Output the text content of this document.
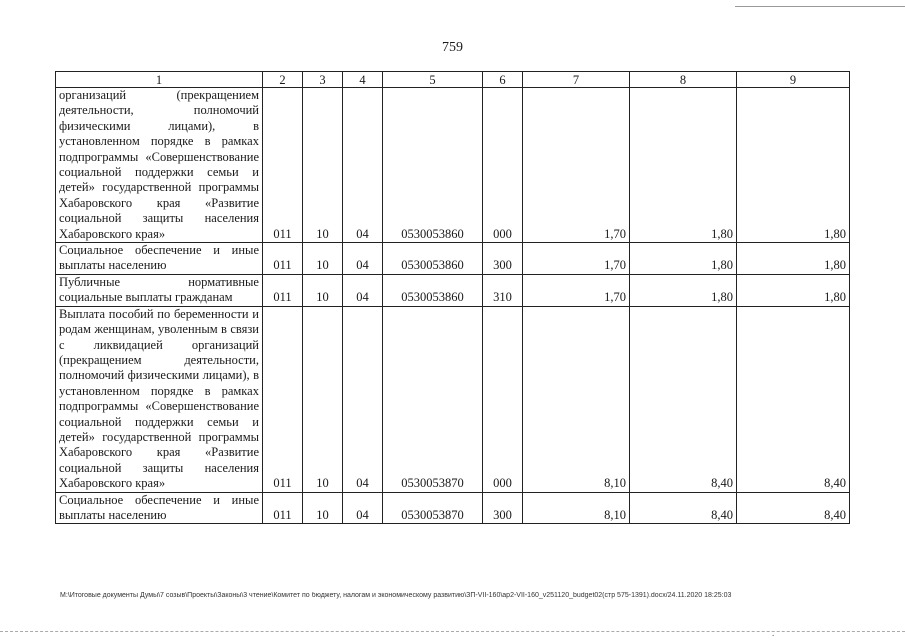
759
1	2	3	4	5	6	7	8	9
организаций (прекращением деятельности, полномочий физическими лицами), в установленном порядке в рамках подпрограммы «Совершенствование социальной поддержки семьи и детей» государственной программы Хабаровского края «Развитие социальной защиты населения Хабаровского края»	011	10	04	0530053860	000	1,70	1,80	1,80
Социальное обеспечение и иные выплаты населению	011	10	04	0530053860	300	1,70	1,80	1,80
Публичные нормативные социальные выплаты гражданам	011	10	04	0530053860	310	1,70	1,80	1,80
Выплата пособий по беременности и родам женщинам, уволенным в связи с ликвидацией организаций (прекращением деятельности, полномочий физическими лицами), в установленном порядке в рамках подпрограммы «Совершенствование социальной поддержки семьи и детей» государственной программы Хабаровского края «Развитие социальной защиты населения Хабаровского края»	011	10	04	0530053870	000	8,10	8,40	8,40
Социальное обеспечение и иные выплаты населению	011	10	04	0530053870	300	8,10	8,40	8,40
M:\Итоговые документы Думы\7 созыв\Проекты\Законы\3 чтение\Комитет по бюджету, налогам и экономическому развитию\ЗП-VII-160\ap2-VII-160_v251120_budget02(стр 575-1391).docx/24.11.2020 18:25:03
.
